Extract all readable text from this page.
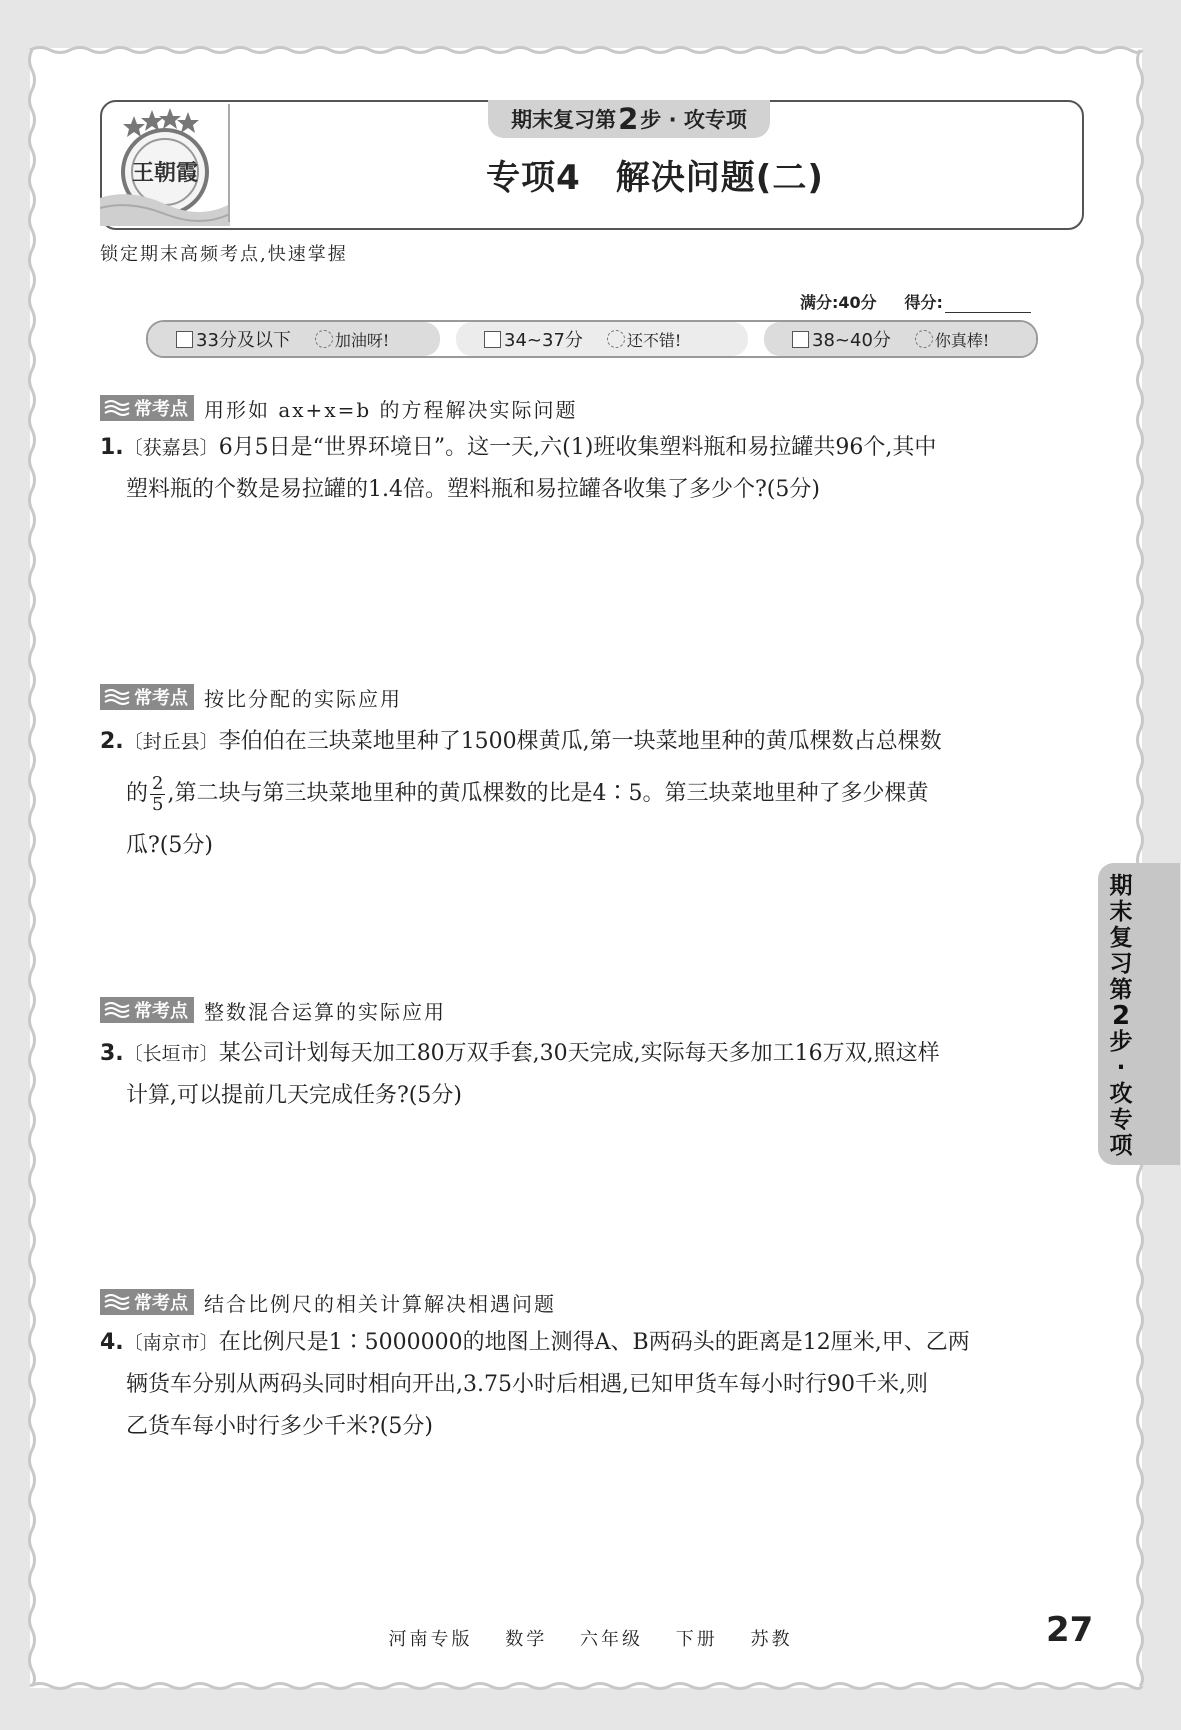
王朝霞
期末复习第 2 步 · 攻专项
专项4　解决问题(二)
锁定期末高频考点,快速掌握
满分:40分 得分:
33分及以下	加油呀!	34~37分	还不错!	38~40分	你真棒!
常考点 用形如 ax+x=b 的方程解决实际问题
1.〔获嘉县〕6月5日是“世界环境日”。这一天,六(1)班收集塑料瓶和易拉罐共96个,其中
塑料瓶的个数是易拉罐的1.4倍。塑料瓶和易拉罐各收集了多少个?(5分)
常考点 按比分配的实际应用
2.〔封丘县〕李伯伯在三块菜地里种了1500棵黄瓜,第一块菜地里种的黄瓜棵数占总棵数
的 $\frac{2}{5}$ ,第二块与第三块菜地里种的黄瓜棵数的比是4∶5。第三块菜地里种了多少棵黄
瓜?(5分)
常考点 整数混合运算的实际应用
3.〔长垣市〕某公司计划每天加工80万双手套,30天完成,实际每天多加工16万双,照这样
计算,可以提前几天完成任务?(5分)
常考点 结合比例尺的相关计算解决相遇问题
4.〔南京市〕在比例尺是1∶5000000的地图上测得A、B两码头的距离是12厘米,甲、乙两
辆货车分别从两码头同时相向开出,3.75小时后相遇,已知甲货车每小时行90千米,则
乙货车每小时行多少千米?(5分)
期
末
复
习
第
2
步
·
攻
专
项
河南专版 数学 六年级 下册 苏教	27
